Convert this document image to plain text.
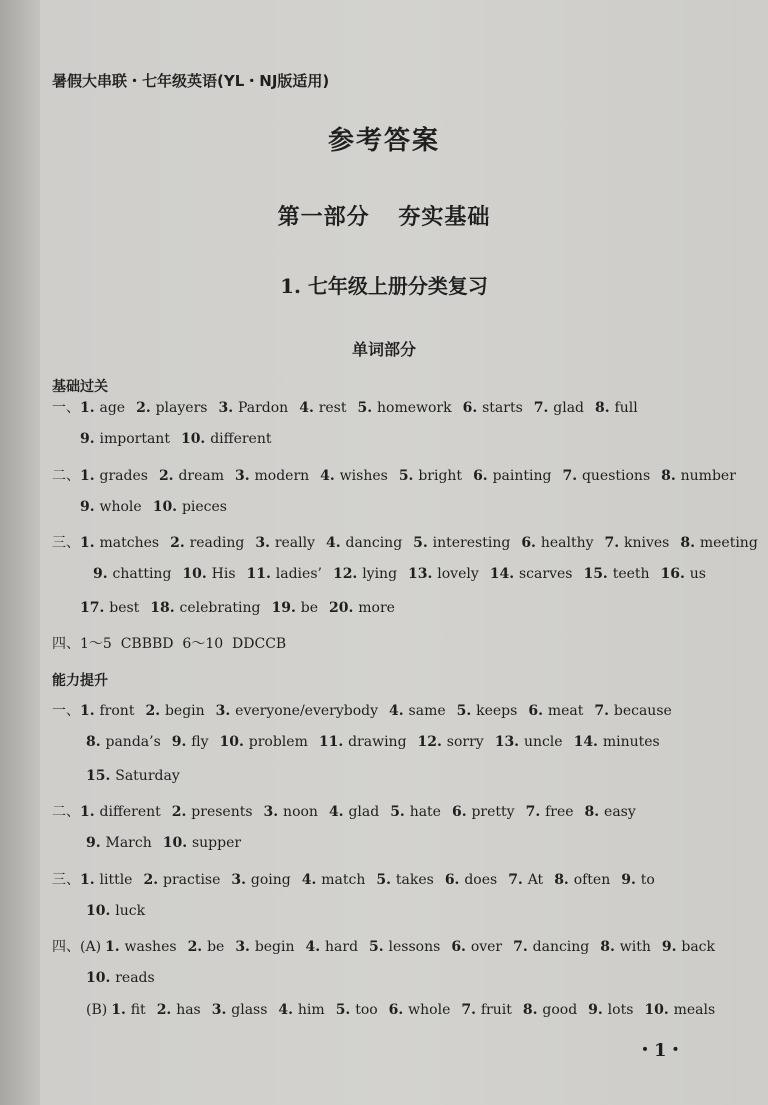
暑假大串联・七年级英语(YL・NJ版适用)
参考答案
第一部分 夯实基础
1. 七年级上册分类复习
单词部分
基础过关
一、1. age 2. players 3. Pardon 4. rest 5. homework 6. starts 7. glad 8. full
9. important 10. different
二、1. grades 2. dream 3. modern 4. wishes 5. bright 6. painting 7. questions 8. number
9. whole 10. pieces
三、1. matches 2. reading 3. really 4. dancing 5. interesting 6. healthy 7. knives 8. meeting
9. chatting 10. His 11. ladies’ 12. lying 13. lovely 14. scarves 15. teeth 16. us
17. best 18. celebrating 19. be 20. more
四、1～5  CBBBD  6～10  DDCCB
能力提升
一、1. front 2. begin 3. everyone/everybody 4. same 5. keeps 6. meat 7. because
8. panda’s 9. fly 10. problem 11. drawing 12. sorry 13. uncle 14. minutes
15. Saturday
二、1. different 2. presents 3. noon 4. glad 5. hate 6. pretty 7. free 8. easy
9. March 10. supper
三、1. little 2. practise 3. going 4. match 5. takes 6. does 7. At 8. often 9. to
10. luck
四、(A) 1. washes 2. be 3. begin 4. hard 5. lessons 6. over 7. dancing 8. with 9. back
10. reads
(B) 1. fit 2. has 3. glass 4. him 5. too 6. whole 7. fruit 8. good 9. lots 10. meals
・1・
